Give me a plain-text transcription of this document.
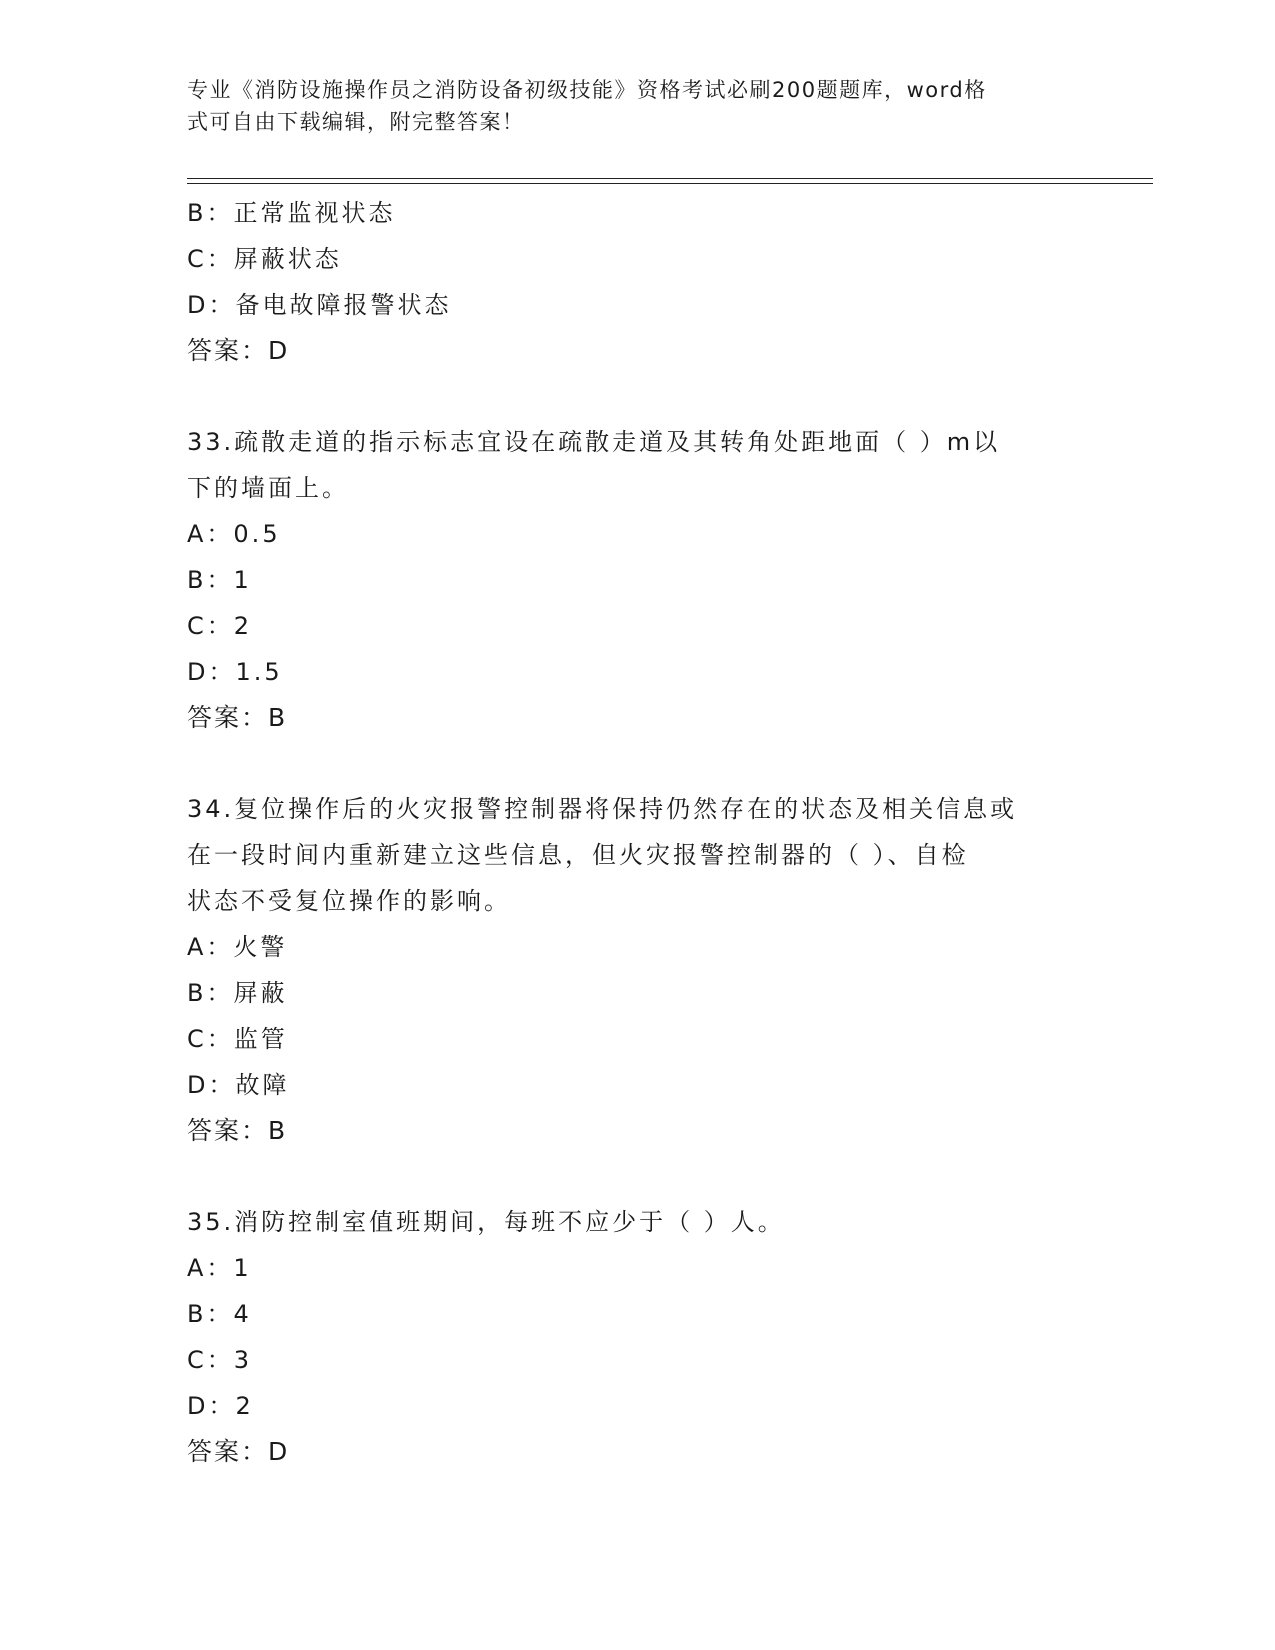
专业《消防设施操作员之消防设备初级技能》资格考试必刷200题题库，word格
式可自由下载编辑，附完整答案！
B：正常监视状态
C：屏蔽状态
D：备电故障报警状态
答案：D
33.疏散走道的指示标志宜设在疏散走道及其转角处距地面（ ）m以
下的墙面上。
A：0.5
B：1
C：2
D：1.5
答案：B
34.复位操作后的火灾报警控制器将保持仍然存在的状态及相关信息或
在一段时间内重新建立这些信息，但火灾报警控制器的（ ）、自检
状态不受复位操作的影响。
A：火警
B：屏蔽
C：监管
D：故障
答案：B
35.消防控制室值班期间，每班不应少于（ ）人。
A：1
B：4
C：3
D：2
答案：D
